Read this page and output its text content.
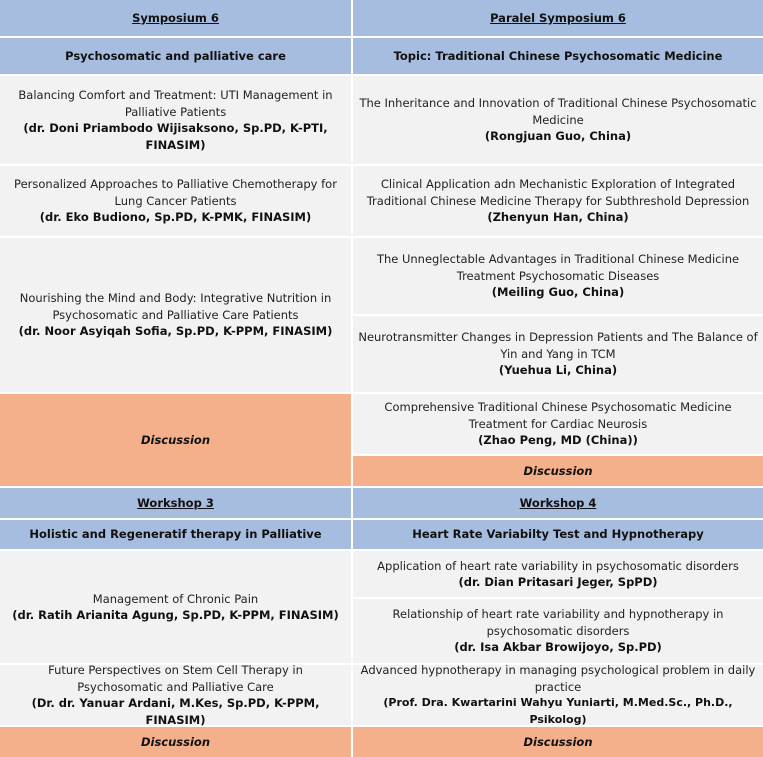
Symposium 6
Psychosomatic and palliative care
Balancing Comfort and Treatment: UTI Management in Palliative Patients
(dr. Doni Priambodo Wijisaksono, Sp.PD, K-PTI, FINASIM)
Personalized Approaches to Palliative Chemotherapy for Lung Cancer Patients
(dr. Eko Budiono, Sp.PD, K-PMK, FINASIM)
Nourishing the Mind and Body: Integrative Nutrition in Psychosomatic and Palliative Care Patients
(dr. Noor Asyiqah Sofia, Sp.PD, K-PPM, FINASIM)
Discussion
Workshop 3
Holistic and Regeneratif therapy in Palliative
Management of Chronic Pain
(dr. Ratih Arianita Agung, Sp.PD, K-PPM, FINASIM)
Future Perspectives on Stem Cell Therapy in Psychosomatic and Palliative Care
(Dr. dr. Yanuar Ardani, M.Kes, Sp.PD, K-PPM, FINASIM)
Discussion
Paralel Symposium 6
Topic: Traditional Chinese Psychosomatic Medicine
The Inheritance and Innovation of Traditional Chinese Psychosomatic Medicine
(Rongjuan Guo, China)
Clinical Application adn Mechanistic Exploration of Integrated Traditional Chinese Medicine Therapy for Subthreshold Depression
(Zhenyun Han, China)
The Unneglectable Advantages in Traditional Chinese Medicine Treatment Psychosomatic Diseases
(Meiling Guo, China)
Neurotransmitter Changes in Depression Patients and The Balance of Yin and Yang in TCM
(Yuehua Li, China)
Comprehensive Traditional Chinese Psychosomatic Medicine Treatment for Cardiac Neurosis
(Zhao Peng, MD (China))
Discussion
Workshop 4
Heart Rate Variabilty Test and Hypnotherapy
Application of heart rate variability in psychosomatic disorders
(dr. Dian Pritasari Jeger, SpPD)
Relationship of heart rate variability and hypnotherapy in psychosomatic disorders
(dr. Isa Akbar Browijoyo, Sp.PD)
Advanced hypnotherapy in managing psychological problem in daily practice
(Prof. Dra. Kwartarini Wahyu Yuniarti, M.Med.Sc., Ph.D., Psikolog)
Discussion
